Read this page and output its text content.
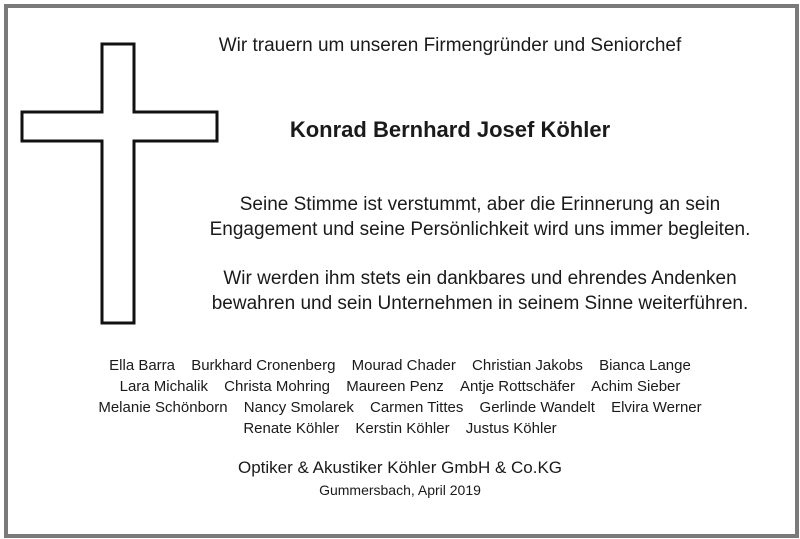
Wir trauern um unseren Firmengründer und Seniorchef
Konrad Bernhard Josef Köhler
Seine Stimme ist verstummt, aber die Erinnerung an sein
Engagement und seine Persönlichkeit wird uns immer begleiten.
Wir werden ihm stets ein dankbares und ehrendes Andenken
bewahren und sein Unternehmen in seinem Sinne weiterführen.
Ella Barra Burkhard Cronenberg Mourad Chader Christian Jakobs Bianca Lange
Lara Michalik Christa Mohring Maureen Penz Antje Rottschäfer Achim Sieber
Melanie Schönborn Nancy Smolarek Carmen Tittes Gerlinde Wandelt Elvira Werner
Renate Köhler Kerstin Köhler Justus Köhler
Optiker & Akustiker Köhler GmbH & Co.KG
Gummersbach, April 2019
